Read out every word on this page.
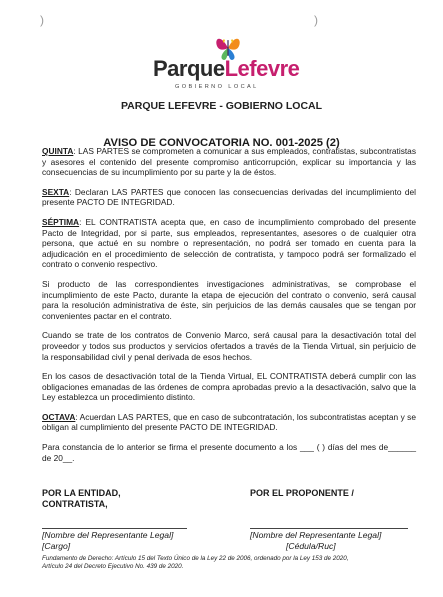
)	)
ParqueLefevre
GOBIERNO LOCAL
PARQUE LEFEVRE - GOBIERNO LOCAL
AVISO DE CONVOCATORIA NO. 001-2025 (2)

QUINTA: LAS PARTES se comprometen a comunicar a sus empleados, contratistas, subcontratistas y asesores el contenido del presente compromiso anticorrupción, explicar su importancia y las consecuencias de su incumplimiento por su parte y la de éstos.

SEXTA: Declaran LAS PARTES que conocen las consecuencias derivadas del incumplimiento del presente PACTO DE INTEGRIDAD.

SÉPTIMA: EL CONTRATISTA acepta que, en caso de incumplimiento comprobado del presente Pacto de Integridad, por si parte, sus empleados, representantes, asesores o de cualquier otra persona, que actué en su nombre o representación, no podrá ser tomado en cuenta para la adjudicación en el procedimiento de selección de contratista, y tampoco podrá ser formalizado el contrato o convenio respectivo.

Si producto de las correspondientes investigaciones administrativas, se comprobase el incumplimiento de este Pacto, durante la etapa de ejecución del contrato o convenio, será causal para la resolución administrativa de éste, sin perjuicios de las demás causales que se tengan por convenientes pactar en el contrato.

Cuando se trate de los contratos de Convenio Marco, será causal para la desactivación total del proveedor y todos sus productos y servicios ofertados a través de la Tienda Virtual, sin perjuicio de la responsabilidad civil y penal derivada de esos hechos.

En los casos de desactivación total de la Tienda Virtual, EL CONTRATISTA deberá cumplir con las obligaciones emanadas de las órdenes de compra aprobadas previo a la desactivación, salvo que la Ley establezca un procedimiento distinto.

OCTAVA: Acuerdan LAS PARTES, que en caso de subcontratación, los subcontratistas aceptan y se obligan al cumplimiento del presente PACTO DE INTEGRIDAD.

Para constancia de lo anterior se firma el presente documento a los ___ ( ) días del mes de______ de 20__.

POR LA ENTIDAD,
CONTRATISTA,
POR EL PROPONENTE /
[Nombre del Representante Legal]
[Cargo]
[Nombre del Representante Legal]
[Cédula/Ruc]
Fundamento de Derecho: Artículo 15 del Texto Único de la Ley 22 de 2006, ordenado por la Ley 153 de 2020,
Artículo 24 del Decreto Ejecutivo No. 439 de 2020.
